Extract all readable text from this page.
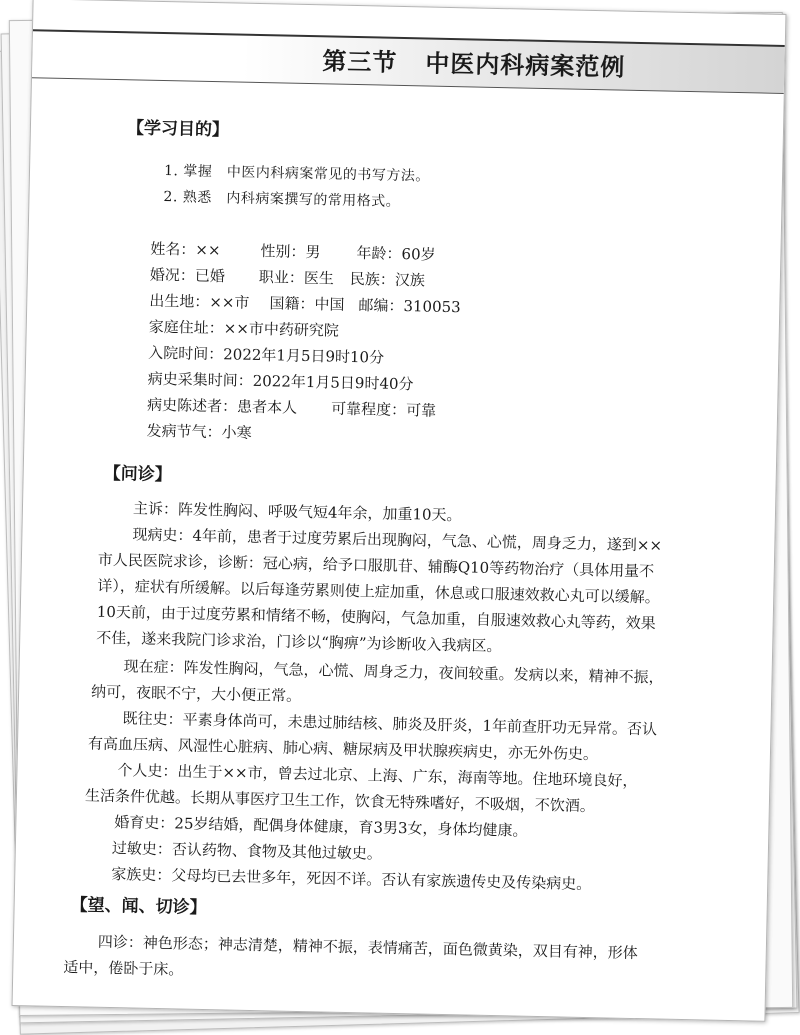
第三节 中医内科病案范例
【学习目的】
1. 掌握　中医内科病案常见的书写方法。
2. 熟悉　内科病案撰写的常用格式。
姓名：××	性别：男 年龄：60岁
婚况：已婚 职业：医生 民族：汉族
出生地：××市 国籍：中国 邮编：310053
家庭住址：××市中药研究院
入院时间：2022年1月5日9时10分
病史采集时间：2022年1月5日9时40分
病史陈述者：患者本人 可靠程度：可靠
发病节气：小寒
【问诊】
主诉：阵发性胸闷、呼吸气短4年余，加重10天。
现病史：4年前，患者于过度劳累后出现胸闷，气急、心慌，周身乏力，遂到××
市人民医院求诊，诊断：冠心病，给予口服肌苷、辅酶Q10等药物治疗（具体用量不
详），症状有所缓解。以后每逢劳累则使上症加重，休息或口服速效救心丸可以缓解。
10天前，由于过度劳累和情绪不畅，使胸闷，气急加重，自服速效救心丸等药，效果
不佳，遂来我院门诊求治，门诊以“胸痹”为诊断收入我病区。
现在症：阵发性胸闷，气急，心慌、周身乏力，夜间较重。发病以来，精神不振，
纳可，夜眠不宁，大小便正常。
既往史：平素身体尚可，未患过肺结核、肺炎及肝炎，1年前查肝功无异常。否认
有高血压病、风湿性心脏病、肺心病、糖尿病及甲状腺疾病史，亦无外伤史。
个人史：出生于××市，曾去过北京、上海、广东，海南等地。住地环境良好，
生活条件优越。长期从事医疗卫生工作，饮食无特殊嗜好，不吸烟，不饮酒。
婚育史：25岁结婚，配偶身体健康，育3男3女，身体均健康。
过敏史：否认药物、食物及其他过敏史。
家族史：父母均已去世多年，死因不详。否认有家族遗传史及传染病史。
【望、闻、切诊】
四诊：神色形态；神志清楚，精神不振，表情痛苦，面色微黄染，双目有神，形体
适中，倦卧于床。
